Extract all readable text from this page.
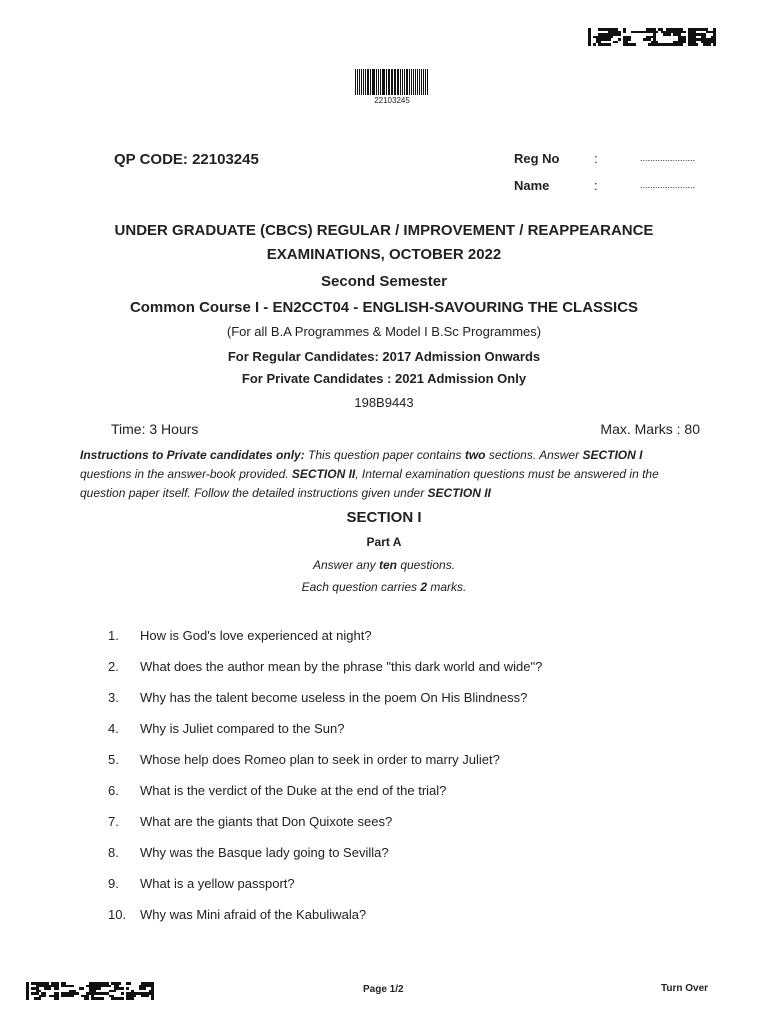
22103245
QP CODE: 22103245	Reg No	:	......................
Name	:	......................
UNDER GRADUATE (CBCS) REGULAR / IMPROVEMENT / REAPPEARANCE
EXAMINATIONS, OCTOBER 2022
Second Semester
Common Course I - EN2CCT04 - ENGLISH-SAVOURING THE CLASSICS
(For all B.A Programmes & Model I B.Sc Programmes)
For Regular Candidates: 2017 Admission Onwards
For Private Candidates : 2021 Admission Only
198B9443
Time: 3 Hours	Max. Marks : 80
Instructions to Private candidates only: This question paper contains two sections. Answer SECTION I questions in the answer-book provided. SECTION II, Internal examination questions must be answered in the question paper itself. Follow the detailed instructions given under SECTION II
SECTION I
Part A
Answer any ten questions.
Each question carries 2 marks.
1. How is God's love experienced at night?
2. What does the author mean by the phrase "this dark world and wide"?
3. Why has the talent become useless in the poem On His Blindness?
4. Why is Juliet compared to the Sun?
5. Whose help does Romeo plan to seek in order to marry Juliet?
6. What is the verdict of the Duke at the end of the trial?
7. What are the giants that Don Quixote sees?
8. Why was the Basque lady going to Sevilla?
9. What is a yellow passport?
10. Why was Mini afraid of the Kabuliwala?
Page 1/2	Turn Over
